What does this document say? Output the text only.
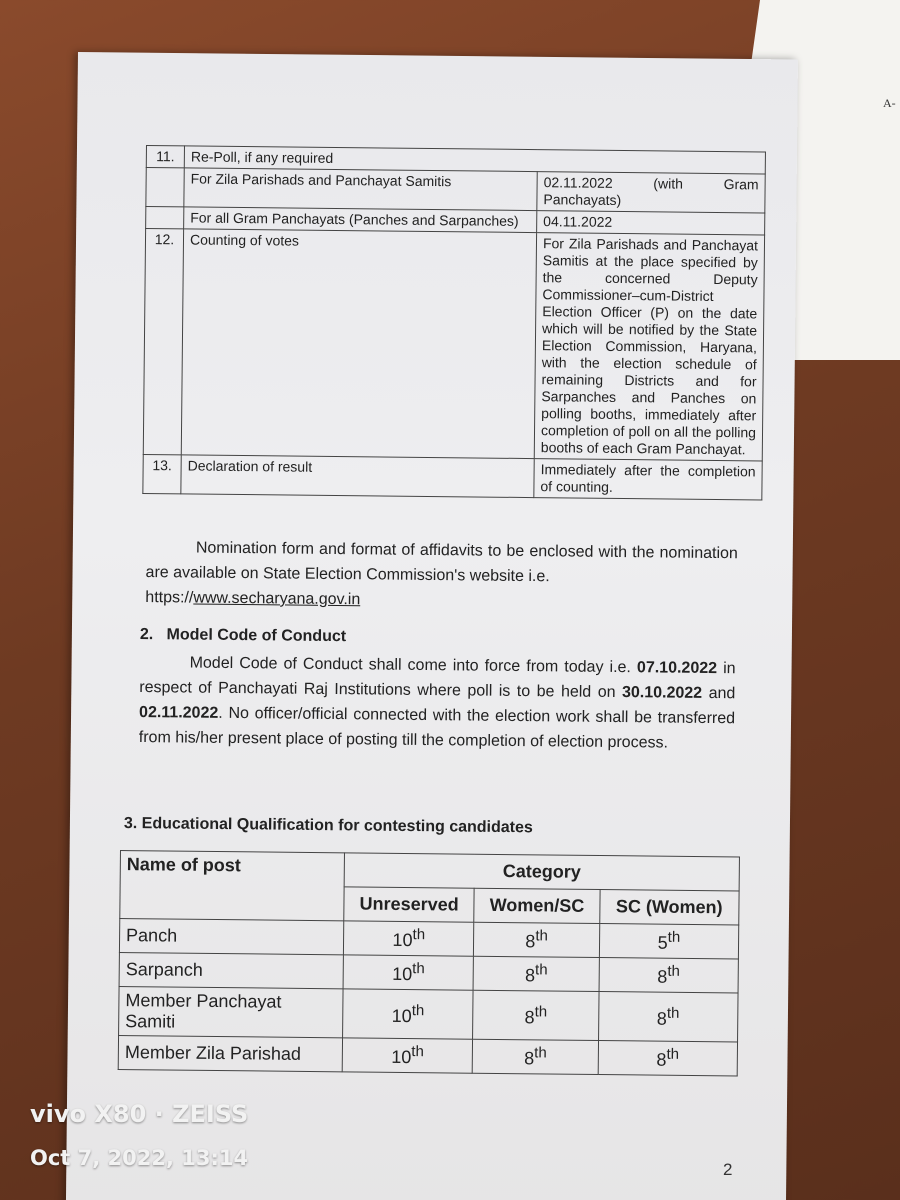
A-
11.	Re-Poll, if any required	
	For Zila Parishads and Panchayat Samitis	02.11.2022 (with Gram Panchayats)
	For all Gram Panchayats (Panches and Sarpanches)	04.11.2022
12.	Counting of votes	For Zila Parishads and Panchayat Samitis at the place specified by the concerned Deputy Commissioner–cum-District Election Officer (P) on the date which will be notified by the State Election Commission, Haryana, with the election schedule of remaining Districts and for Sarpanches and Panches on polling booths, immediately after completion of poll on all the polling booths of each Gram Panchayat.
13.	Declaration of result	Immediately after the completion of counting.

Nomination form and format of affidavits to be enclosed with the nomination are available on State Election Commission's website i.e.

https://www.secharyana.gov.in

2.   Model Code of Conduct

Model Code of Conduct shall come into force from today i.e. 07.10.2022 in respect of Panchayati Raj Institutions where poll is to be held on 30.10.2022 and 02.11.2022. No officer/official connected with the election work shall be transferred from his/her present place of posting till the completion of election process.

3. Educational Qualification for contesting candidates
Name of post	Category		
	Unreserved	Women/SC	SC (Women)
Panch	10th	8th	5th
Sarpanch	10th	8th	8th
Member Panchayat Samiti	10th	8th	8th
Member Zila Parishad	10th	8th	8th
2
vivo X80 · ZEISS
Oct 7, 2022, 13:14
